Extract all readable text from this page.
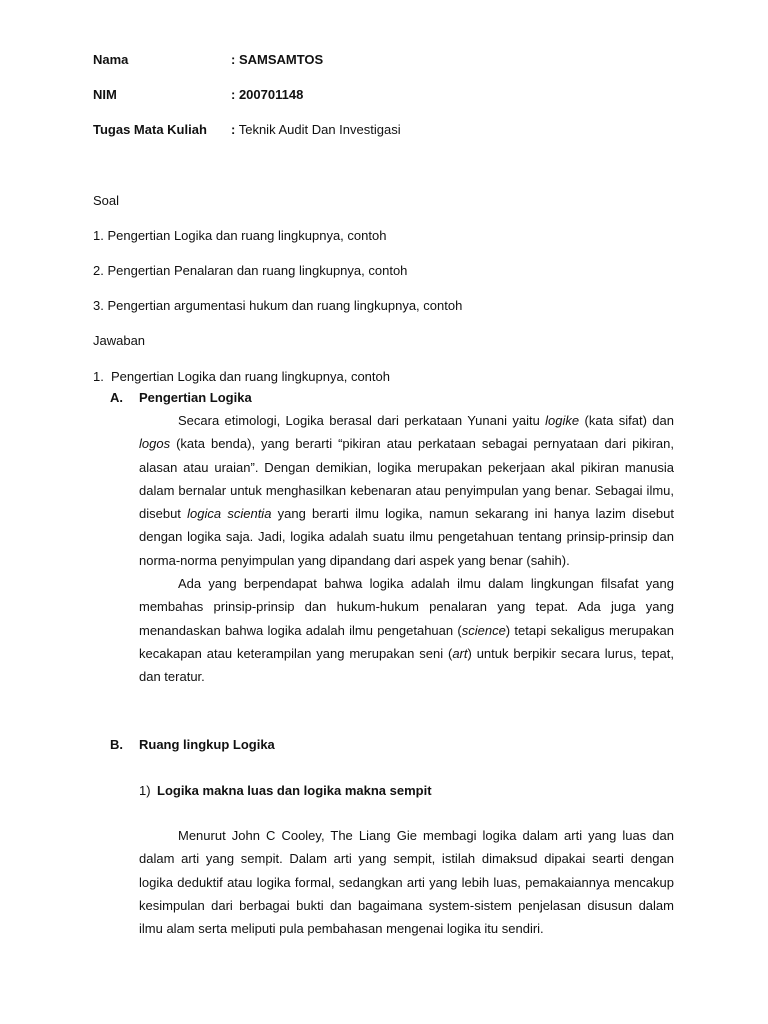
Nama	: SAMSAMTOS
NIM	: 200701148
Tugas Mata Kuliah : Teknik Audit Dan Investigasi
Soal
1. Pengertian Logika dan ruang lingkupnya, contoh
2. Pengertian Penalaran dan ruang lingkupnya, contoh
3. Pengertian argumentasi hukum dan ruang lingkupnya, contoh
Jawaban
1. Pengertian Logika dan ruang lingkupnya, contoh
A. Pengertian Logika

Secara etimologi, Logika berasal dari perkataan Yunani yaitu logike (kata sifat) dan logos (kata benda), yang berarti “pikiran atau perkataan sebagai pernyataan dari pikiran, alasan atau uraian”. Dengan demikian, logika merupakan pekerjaan akal pikiran manusia dalam bernalar untuk menghasilkan kebenaran atau penyimpulan yang benar. Sebagai ilmu, disebut logica scientia yang berarti ilmu logika, namun sekarang ini hanya lazim disebut dengan logika saja. Jadi, logika adalah suatu ilmu pengetahuan tentang prinsip-prinsip dan norma-norma penyimpulan yang dipandang dari aspek yang benar (sahih).

Ada yang berpendapat bahwa logika adalah ilmu dalam lingkungan filsafat yang membahas prinsip-prinsip dan hukum-hukum penalaran yang tepat. Ada juga yang menandaskan bahwa logika adalah ilmu pengetahuan (science) tetapi sekaligus merupakan kecakapan atau keterampilan yang merupakan seni (art) untuk berpikir secara lurus, tepat, dan teratur.

B. Ruang lingkup Logika
1) Logika makna luas dan logika makna sempit

Menurut John C Cooley, The Liang Gie membagi logika dalam arti yang luas dan dalam arti yang sempit. Dalam arti yang sempit, istilah dimaksud dipakai searti dengan logika deduktif atau logika formal, sedangkan arti yang lebih luas, pemakaiannya mencakup kesimpulan dari berbagai bukti dan bagaimana system-sistem penjelasan disusun dalam ilmu alam serta meliputi pula pembahasan mengenai logika itu sendiri.
